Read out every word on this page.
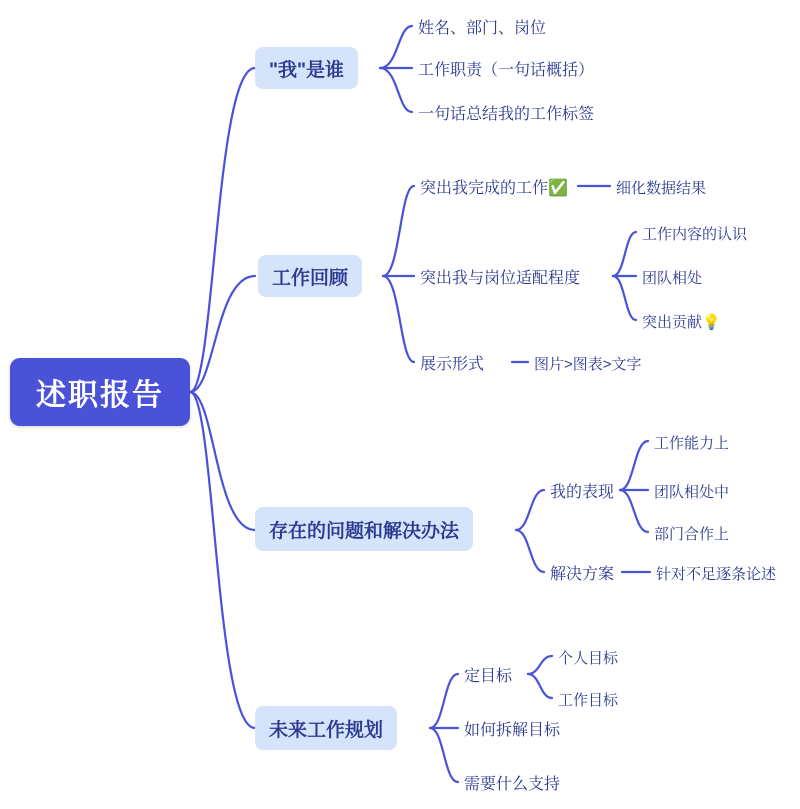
述职报告
"我"是谁
姓名、部门、岗位
工作职责（一句话概括）
一句话总结我的工作标签
工作回顾
突出我完成的工作✅	细化数据结果
突出我与岗位适配程度
工作内容的认识
团队相处
突出贡献💡
展示形式	图片>图表>文字
存在的问题和解决办法
我的表现
工作能力上
团队相处中
部门合作上
解决方案	针对不足逐条论述
未来工作规划
定目标
个人目标
工作目标
如何拆解目标
需要什么支持
